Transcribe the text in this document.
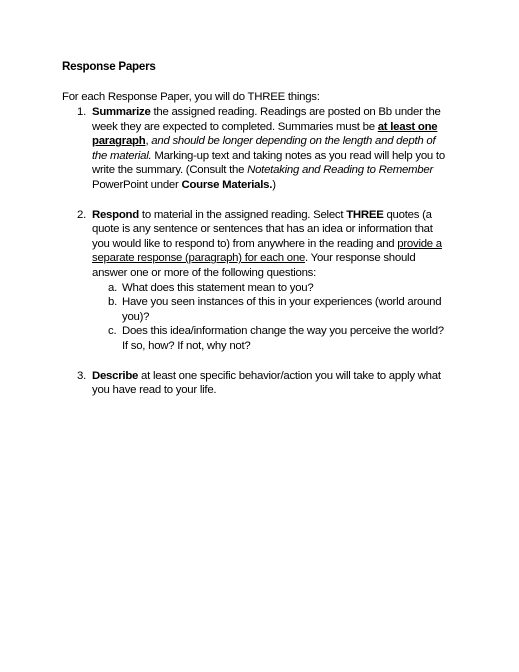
Response Papers

For each Response Paper, you will do THREE things:

1. Summarize the assigned reading. Readings are posted on Bb under the week they are expected to completed. Summaries must be at least one paragraph, and should be longer depending on the length and depth of the material. Marking-up text and taking notes as you read will help you to write the summary. (Consult the Notetaking and Reading to Remember PowerPoint under Course Materials.)
2. Respond to material in the assigned reading. Select THREE quotes (a quote is any sentence or sentences that has an idea or information that you would like to respond to) from anywhere in the reading and provide a separate response (paragraph) for each one. Your response should answer one or more of the following questions:
a. What does this statement mean to you?
b. Have you seen instances of this in your experiences (world around you)?
c. Does this idea/information change the way you perceive the world? If so, how? If not, why not?
3. Describe at least one specific behavior/action you will take to apply what you have read to your life.
